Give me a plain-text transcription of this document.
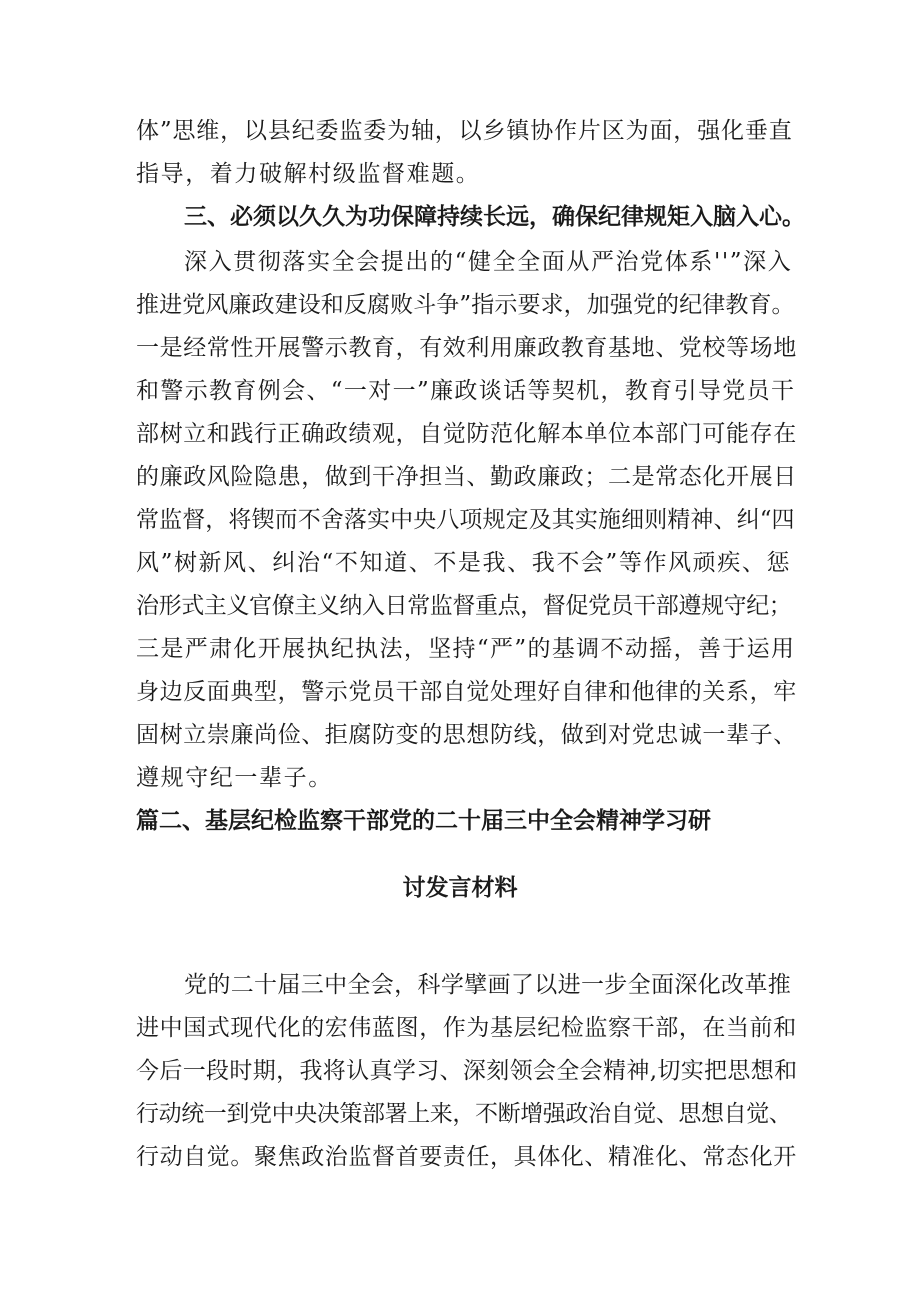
体”思维，以县纪委监委为轴，以乡镇协作片区为面，强化垂直
指导，着力破解村级监督难题。
三、必须以久久为功保障持续长远，确保纪律规矩入脑入心。
深入贯彻落实全会提出的“健全全面从严治党体系''”深入
推进党风廉政建设和反腐败斗争”指示要求，加强党的纪律教育。
一是经常性开展警示教育，有效利用廉政教育基地、党校等场地
和警示教育例会、“一对一”廉政谈话等契机，教育引导党员干
部树立和践行正确政绩观，自觉防范化解本单位本部门可能存在
的廉政风险隐患，做到干净担当、勤政廉政；二是常态化开展日
常监督，将锲而不舍落实中央八项规定及其实施细则精神、纠“四
风”树新风、纠治“不知道、不是我、我不会”等作风顽疾、惩
治形式主义官僚主义纳入日常监督重点，督促党员干部遵规守纪；
三是严肃化开展执纪执法，坚持“严”的基调不动摇，善于运用
身边反面典型，警示党员干部自觉处理好自律和他律的关系，牢
固树立崇廉尚俭、拒腐防变的思想防线，做到对党忠诚一辈子、
遵规守纪一辈子。
篇二、基层纪检监察干部党的二十届三中全会精神学习研
讨发言材料
党的二十届三中全会，科学擘画了以进一步全面深化改革推
进中国式现代化的宏伟蓝图，作为基层纪检监察干部，在当前和
今后一段时期，我将认真学习、深刻领会全会精神,切实把思想和
行动统一到党中央决策部署上来，不断增强政治自觉、思想自觉、
行动自觉。聚焦政治监督首要责任，具体化、精准化、常态化开
